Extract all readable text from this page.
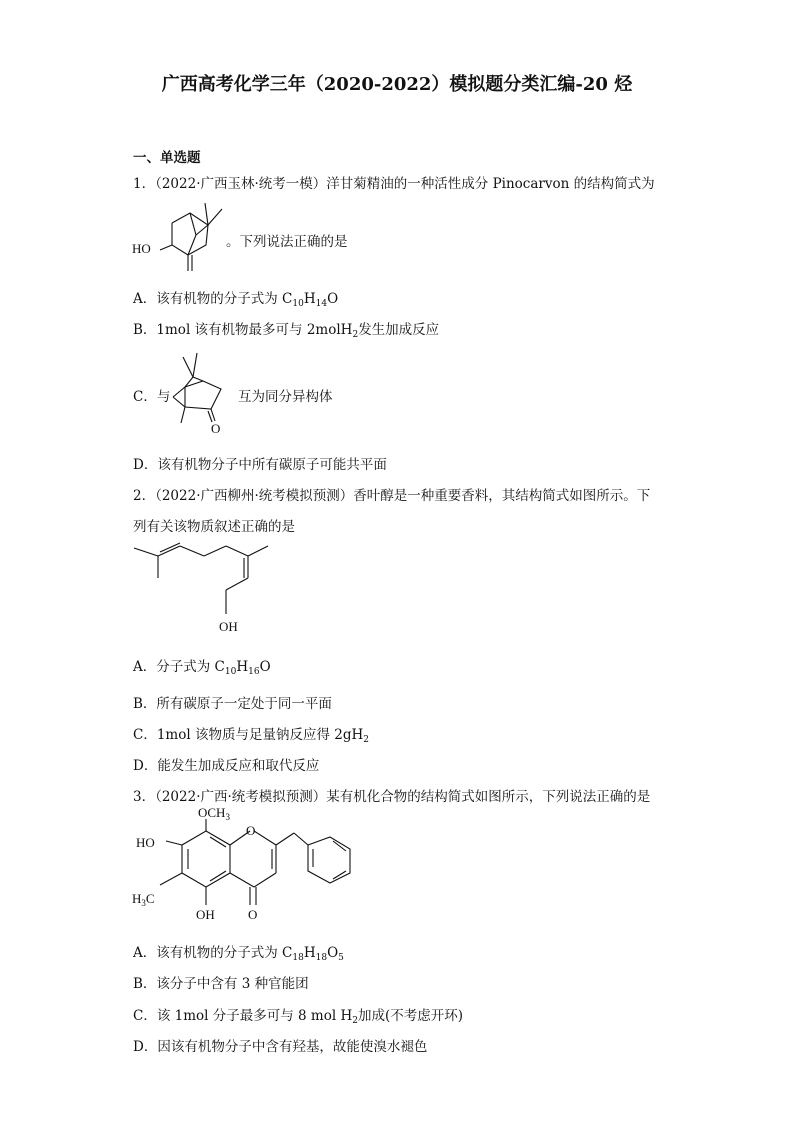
广西高考化学三年（2020-2022）模拟题分类汇编-20 烃
一、单选题
1．（2022·广西玉林·统考一模）洋甘菊精油的一种活性成分 Pinocarvon 的结构简式为
HO	。下列说法正确的是
A．该有机物的分子式为 $C_{10}H_{14}O$
B．1mol 该有机物最多可与 2molH$_2$发生加成反应
C．与
O
互为同分异构体
D．该有机物分子中所有碳原子可能共平面
2．（2022·广西柳州·统考模拟预测）香叶醇是一种重要香料，其结构简式如图所示。下
列有关该物质叙述正确的是
OH
A．分子式为 $C_{10}H_{16}O$
B．所有碳原子一定处于同一平面
C．1mol 该物质与足量钠反应得 $2gH_2$
D．能发生加成反应和取代反应
3．（2022·广西·统考模拟预测）某有机化合物的结构简式如图所示，下列说法正确的是
$OCH_3$
HO
O
$H_3C$
OH	O
A．该有机物的分子式为 $C_{18}H_{18}O_5$
B．该分子中含有 3 种官能团
C．该 1mol 分子最多可与 8 mol $H_2$加成(不考虑开环)
D．因该有机物分子中含有羟基，故能使溴水褪色
